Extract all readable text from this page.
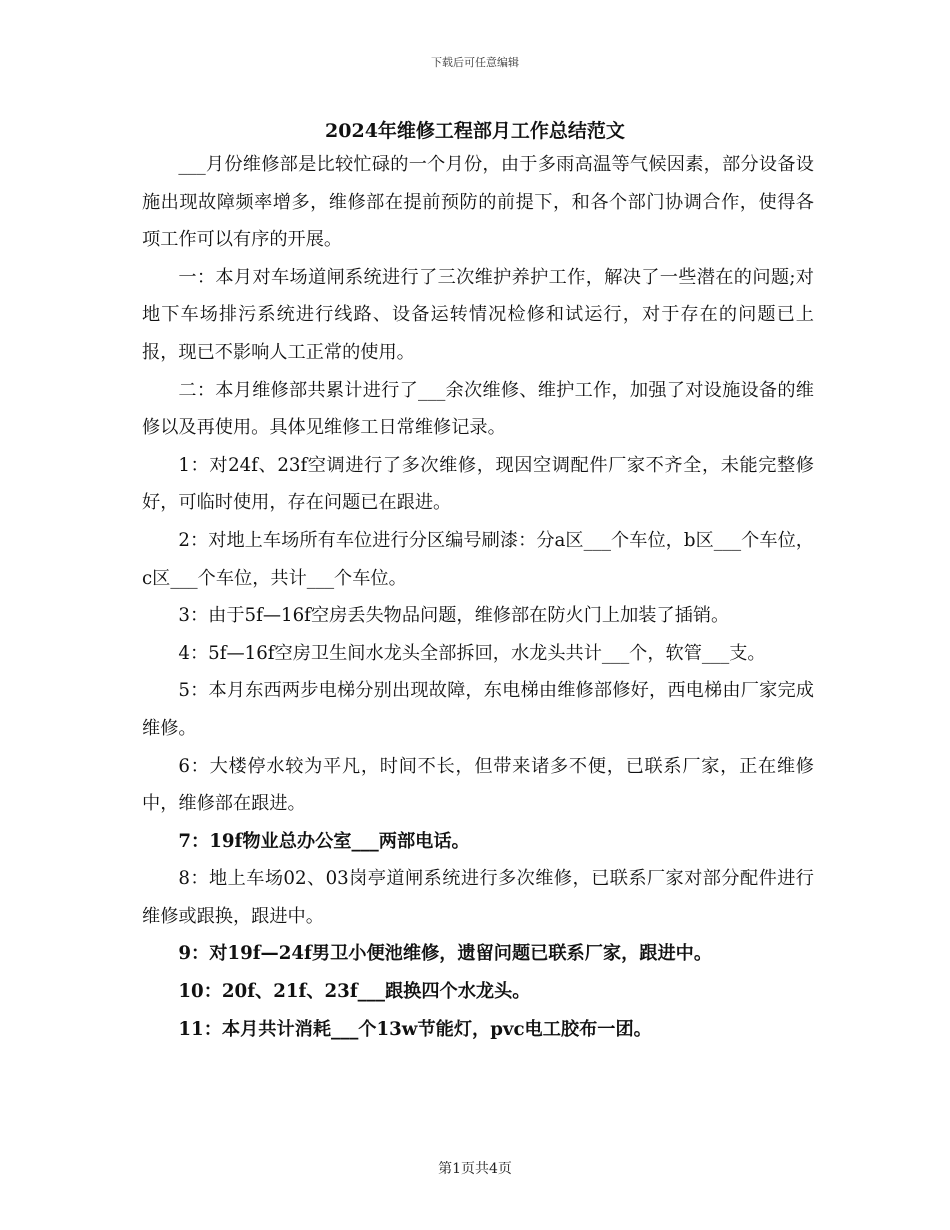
下载后可任意编辑
2024年维修工程部月工作总结范文

___月份维修部是比较忙碌的一个月份，由于多雨高温等气候因素，部分设备设施出现故障频率增多，维修部在提前预防的前提下，和各个部门协调合作，使得各项工作可以有序的开展。

一：本月对车场道闸系统进行了三次维护养护工作，解决了一些潜在的问题;对地下车场排污系统进行线路、设备运转情况检修和试运行，对于存在的问题已上报，现已不影响人工正常的使用。

二：本月维修部共累计进行了___余次维修、维护工作，加强了对设施设备的维修以及再使用。具体见维修工日常维修记录。

1：对24f、23f空调进行了多次维修，现因空调配件厂家不齐全，未能完整修好，可临时使用，存在问题已在跟进。

2：对地上车场所有车位进行分区编号刷漆：分a区___个车位，b区___个车位，c区___个车位，共计___个车位。

3：由于5f—16f空房丢失物品问题，维修部在防火门上加装了插销。

4：5f—16f空房卫生间水龙头全部拆回，水龙头共计___个，软管___支。

5：本月东西两步电梯分别出现故障，东电梯由维修部修好，西电梯由厂家完成维修。

6：大楼停水较为平凡，时间不长，但带来诸多不便，已联系厂家，正在维修中，维修部在跟进。

7：19f物业总办公室___两部电话。

8：地上车场02、03岗亭道闸系统进行多次维修，已联系厂家对部分配件进行维修或跟换，跟进中。

9：对19f—24f男卫小便池维修，遗留问题已联系厂家，跟进中。

10：20f、21f、23f___跟换四个水龙头。

11：本月共计消耗___个13w节能灯，pvc电工胶布一团。

第1页共4页
